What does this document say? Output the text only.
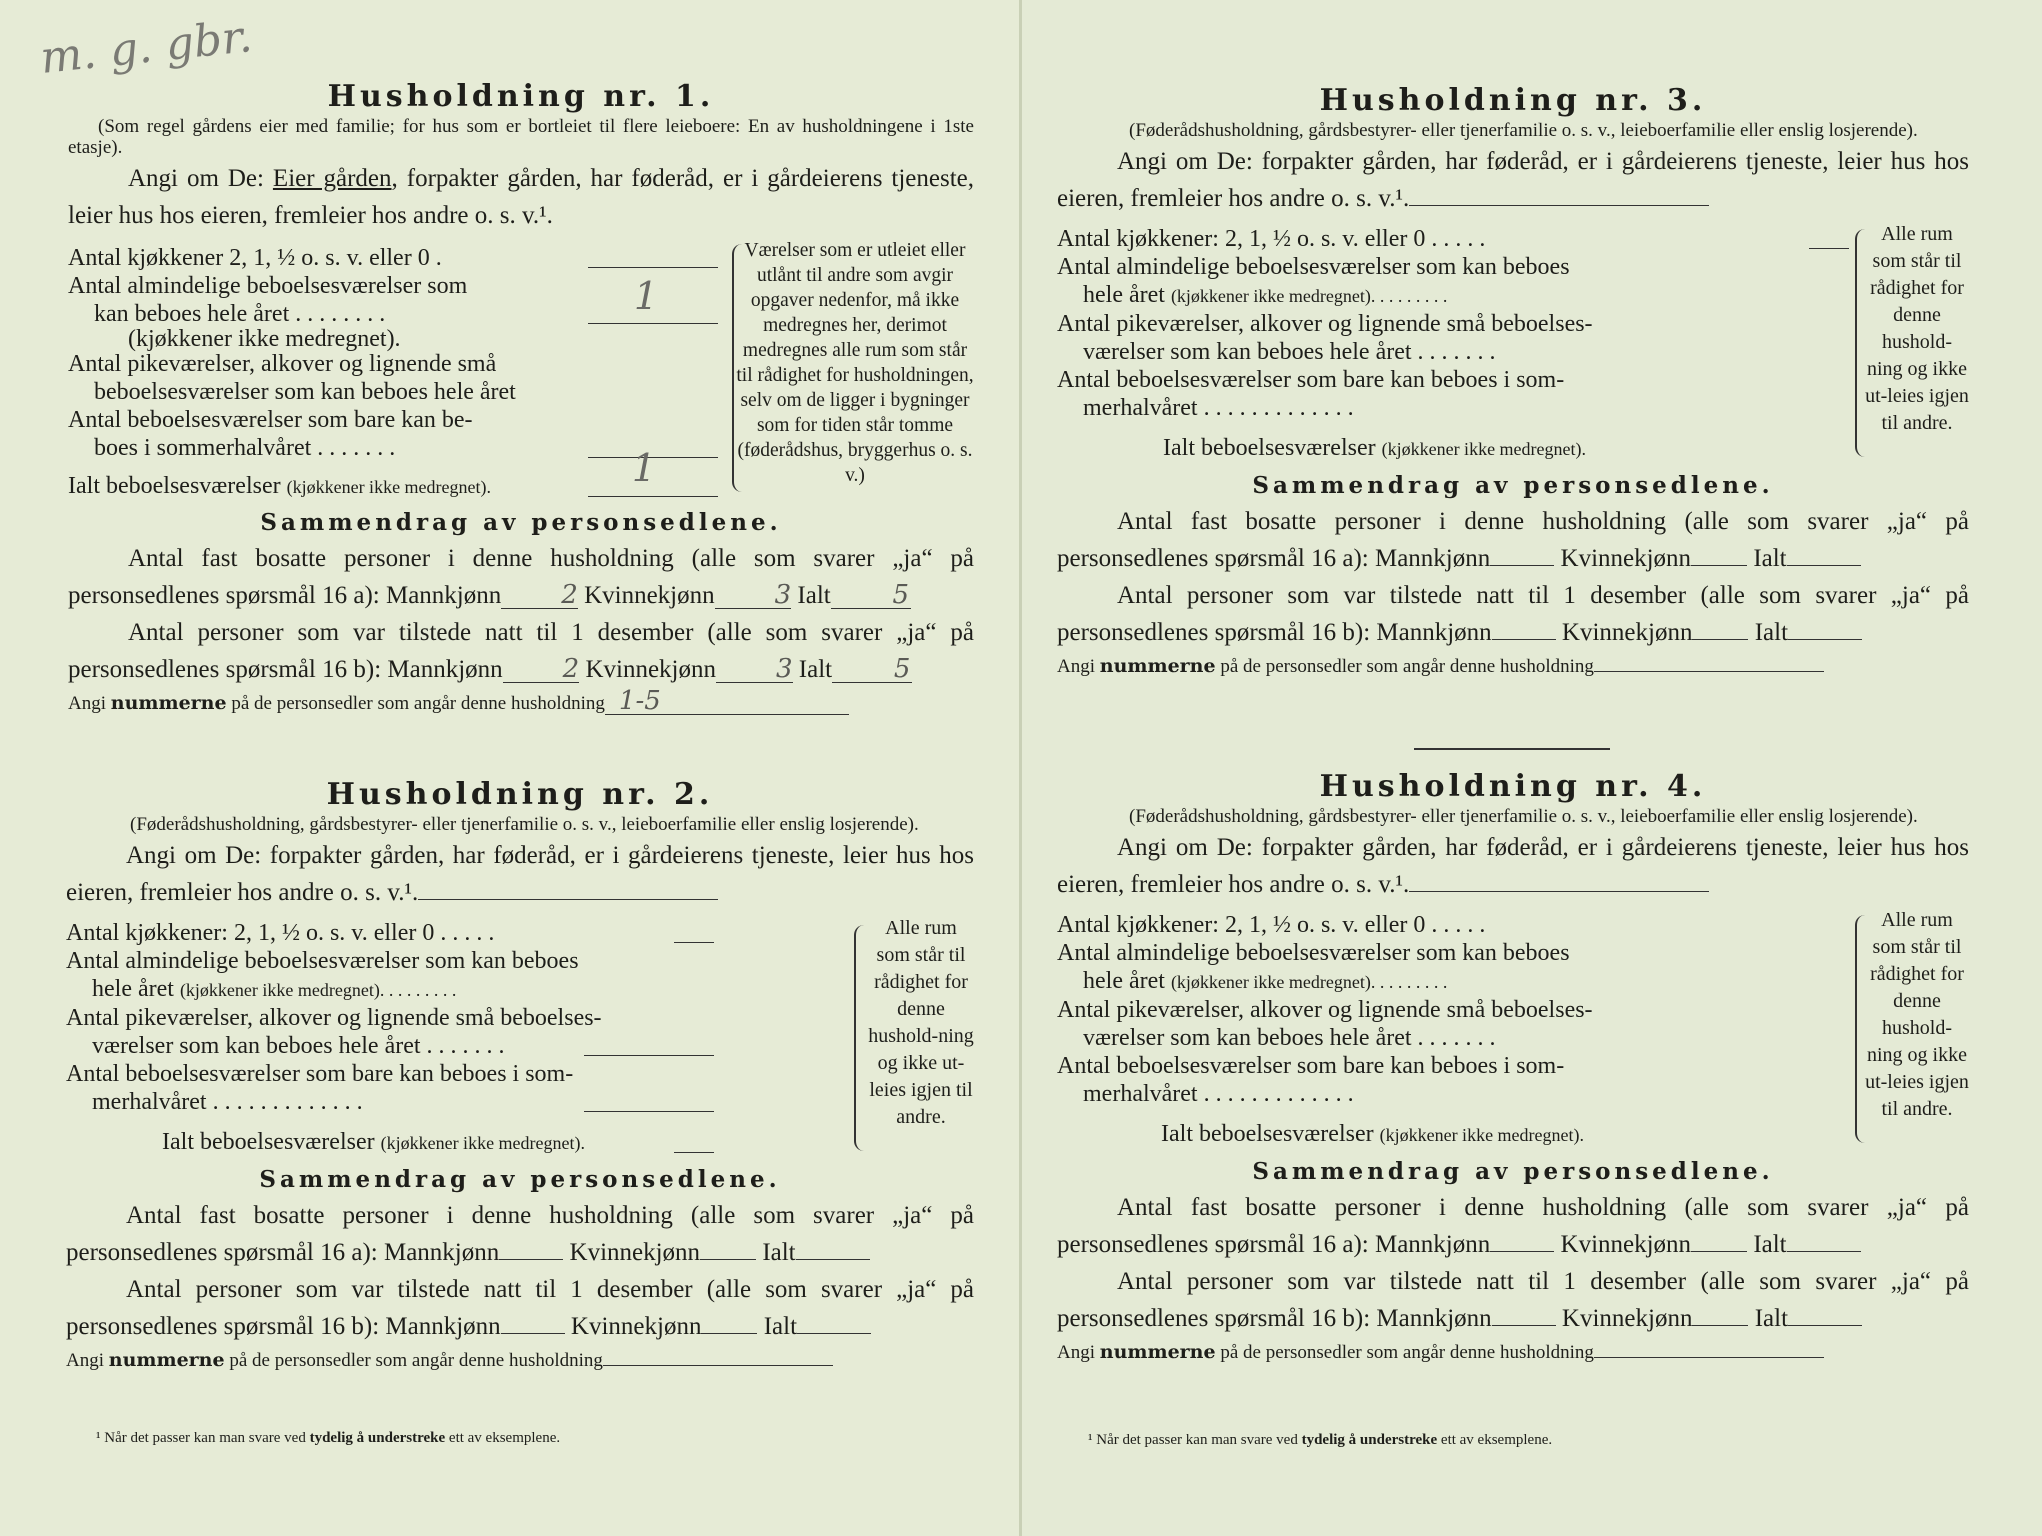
m. g. gbr.
Husholdning nr. 1.
(Som regel gårdens eier med familie; for hus som er bortleiet til flere leieboere: En av husholdningene i 1ste etasje).
Angi om De: Eier gården, forpakter gården, har føderåd, er i gårdeierens tjeneste, leier hus hos eieren, fremleier hos andre o. s. v.¹.
Antal kjøkkener 2, 1, ½ o. s. v. eller 0 .
Antal almindelige beboelsesværelser som
kan beboes hele året . . . . . . . .	1
(kjøkkener ikke medregnet).
Antal pikeværelser, alkover og lignende små
beboelsesværelser som kan beboes hele året
Antal beboelsesværelser som bare kan be-
boes i sommerhalvåret . . . . . . .
Ialt beboelsesværelser (kjøkkener ikke medregnet).	1
Værelser som er utleiet eller utlånt til andre som avgir opgaver nedenfor, må ikke medregnes her, derimot medregnes alle rum som står til rådighet for husholdningen, selv om de ligger i bygninger som for tiden står tomme (føderådshus, bryggerhus o. s. v.)
Sammendrag av personsedlene.
Antal fast bosatte personer i denne husholdning (alle som svarer „ja“ på personsedlenes spørsmål 16 a): Mannkjønn 2 Kvinnekjønn 3 Ialt 5
Antal personer som var tilstede natt til 1 desember (alle som svarer „ja“ på personsedlenes spørsmål 16 b): Mannkjønn 2 Kvinnekjønn 3 Ialt 5
Angi nummerne på de personsedler som angår denne husholdning 1-5
Husholdning nr. 2.
(Føderådshusholdning, gårdsbestyrer- eller tjenerfamilie o. s. v., leieboerfamilie eller enslig losjerende).
Angi om De: forpakter gården, har føderåd, er i gårdeierens tjeneste, leier hus hos eieren, fremleier hos andre o. s. v.¹.
Antal kjøkkener: 2, 1, ½ o. s. v. eller 0 . . . . .
Antal almindelige beboelsesværelser som kan beboes
hele året (kjøkkener ikke medregnet). . . . . . . . .
Antal pikeværelser, alkover og lignende små beboelses-
værelser som kan beboes hele året . . . . . . .
Antal beboelsesværelser som bare kan beboes i som-
merhalvåret . . . . . . . . . . . . .
Ialt beboelsesværelser (kjøkkener ikke medregnet).
Alle rum som står til rådighet for denne hushold-ning og ikke ut-leies igjen til andre.
Sammendrag av personsedlene.
Antal fast bosatte personer i denne husholdning (alle som svarer „ja“ på personsedlenes spørsmål 16 a): Mannkjønn	Kvinnekjønn Ialt
Antal personer som var tilstede natt til 1 desember (alle som svarer „ja“ på personsedlenes spørsmål 16 b): Mannkjønn	Kvinnekjønn Ialt
Angi nummerne på de personsedler som angår denne husholdning
¹ Når det passer kan man svare ved tydelig å understreke ett av eksemplene.
Husholdning nr. 3.
(Føderådshusholdning, gårdsbestyrer- eller tjenerfamilie o. s. v., leieboerfamilie eller enslig losjerende).
Angi om De: forpakter gården, har føderåd, er i gårdeierens tjeneste, leier hus hos eieren, fremleier hos andre o. s. v.¹.
Antal kjøkkener: 2, 1, ½ o. s. v. eller 0 . . . . .
Antal almindelige beboelsesværelser som kan beboes
hele året (kjøkkener ikke medregnet). . . . . . . . .
Antal pikeværelser, alkover og lignende små beboelses-
værelser som kan beboes hele året . . . . . . .
Antal beboelsesværelser som bare kan beboes i som-
merhalvåret . . . . . . . . . . . . .
Ialt beboelsesværelser (kjøkkener ikke medregnet).
Alle rum som står til rådighet for denne hushold-ning og ikke ut-leies igjen til andre.
Sammendrag av personsedlene.
Antal fast bosatte personer i denne husholdning (alle som svarer „ja“ på personsedlenes spørsmål 16 a): Mannkjønn	Kvinnekjønn Ialt
Antal personer som var tilstede natt til 1 desember (alle som svarer „ja“ på personsedlenes spørsmål 16 b): Mannkjønn	Kvinnekjønn Ialt
Angi nummerne på de personsedler som angår denne husholdning
Husholdning nr. 4.
(Føderådshusholdning, gårdsbestyrer- eller tjenerfamilie o. s. v., leieboerfamilie eller enslig losjerende).
Angi om De: forpakter gården, har føderåd, er i gårdeierens tjeneste, leier hus hos eieren, fremleier hos andre o. s. v.¹.
Antal kjøkkener: 2, 1, ½ o. s. v. eller 0 . . . . .
Antal almindelige beboelsesværelser som kan beboes
hele året (kjøkkener ikke medregnet). . . . . . . . .
Antal pikeværelser, alkover og lignende små beboelses-
værelser som kan beboes hele året . . . . . . .
Antal beboelsesværelser som bare kan beboes i som-
merhalvåret . . . . . . . . . . . . .
Ialt beboelsesværelser (kjøkkener ikke medregnet).
Alle rum som står til rådighet for denne hushold-ning og ikke ut-leies igjen til andre.
Sammendrag av personsedlene.
Antal fast bosatte personer i denne husholdning (alle som svarer „ja“ på personsedlenes spørsmål 16 a): Mannkjønn	Kvinnekjønn Ialt
Antal personer som var tilstede natt til 1 desember (alle som svarer „ja“ på personsedlenes spørsmål 16 b): Mannkjønn	Kvinnekjønn Ialt
Angi nummerne på de personsedler som angår denne husholdning
¹ Når det passer kan man svare ved tydelig å understreke ett av eksemplene.
